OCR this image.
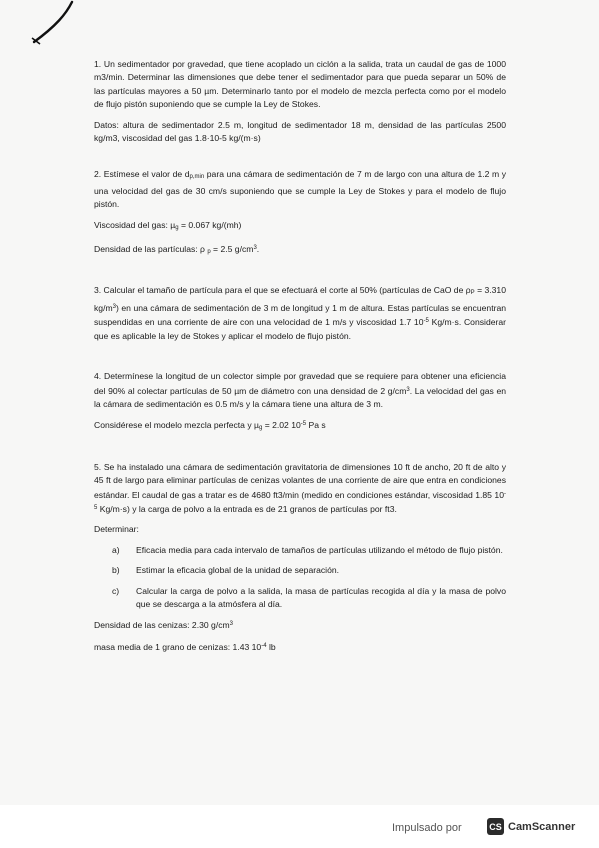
1. Un sedimentador por gravedad, que tiene acoplado un ciclón a la salida, trata un caudal de gas de 1000 m3/min. Determinar las dimensiones que debe tener el sedimentador para que pueda separar un 50% de las partículas mayores a 50 µm. Determinarlo tanto por el modelo de mezcla perfecta como por el modelo de flujo pistón suponiendo que se cumple la Ley de Stokes.

Datos: altura de sedimentador 2.5 m, longitud de sedimentador 18 m, densidad de las partículas 2500 kg/m3, viscosidad del gas 1.8·10-5 kg/(m·s)

2. Estímese el valor de dp,min para una cámara de sedimentación de 7 m de largo con una altura de 1.2 m y una velocidad del gas de 30 cm/s suponiendo que se cumple la Ley de Stokes y para el modelo de flujo pistón.

Viscosidad del gas: µg = 0.067 kg/(mh)

Densidad de las partículas: ρ p = 2.5 $g/cm^3$.

3. Calcular el tamaño de partícula para el que se efectuará el corte al 50% (partículas de CaO de ρP = 3.310 $kg/m^3$) en una cámara de sedimentación de 3 m de longitud y 1 m de altura. Estas partículas se encuentran suspendidas en una corriente de aire con una velocidad de 1 m/s y viscosidad 1.7 $10^{-5}$ Kg/m·s. Considerar que es aplicable la ley de Stokes y aplicar el modelo de flujo pistón.

4. Determínese la longitud de un colector simple por gravedad que se requiere para obtener una eficiencia del 90% al colectar partículas de 50 µm de diámetro con una densidad de 2 $g/cm^3$. La velocidad del gas en la cámara de sedimentación es 0.5 m/s y la cámara tiene una altura de 3 m.

Considérese el modelo mezcla perfecta y µg = 2.02 $10^{-5}$ Pa s

5. Se ha instalado una cámara de sedimentación gravitatoria de dimensiones 10 ft de ancho, 20 ft de alto y 45 ft de largo para eliminar partículas de cenizas volantes de una corriente de aire que entra en condiciones estándar. El caudal de gas a tratar es de 4680 ft3/min (medido en condiciones estándar, viscosidad 1.85 $10^{-5}$ Kg/m·s) y la carga de polvo a la entrada es de 21 granos de partículas por ft3.

Determinar:

a)	Eficacia media para cada intervalo de tamaños de partículas utilizando el método de flujo pistón.
b)	Estimar la eficacia global de la unidad de separación.
c)	Calcular la carga de polvo a la salida, la masa de partículas recogida al día y la masa de polvo que se descarga a la atmósfera al día.

Densidad de las cenizas: 2.30 $g/cm^3$

masa media de 1 grano de cenizas: 1.43 $10^{-4}$ lb

Impulsado por	CS CamScanner
